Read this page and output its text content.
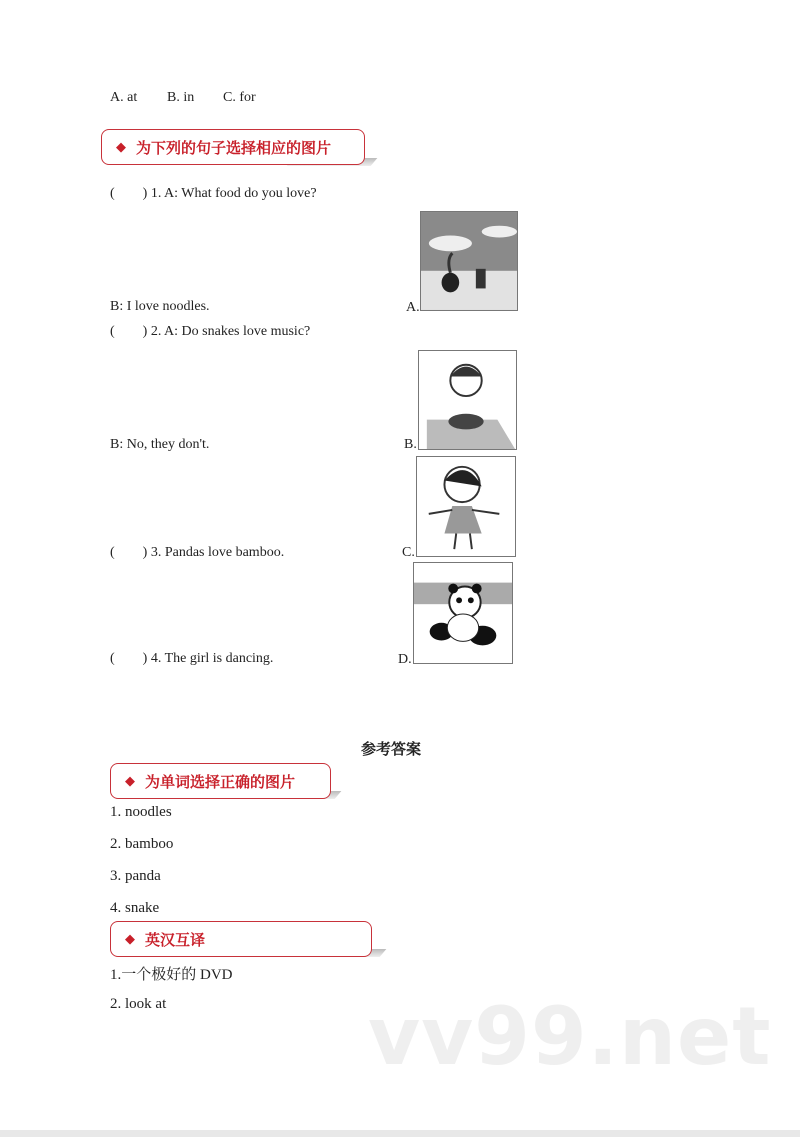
A. at B. in C. for
◆ 为下列的句子选择相应的图片
(        ) 1. A: What food do you love?
B: I love noodles.
(        ) 2. A: Do snakes love music?
B: No, they don't.
(        ) 3. Pandas love bamboo.
(        ) 4. The girl is dancing.
A.
B.
C.
D.
参考答案
◆ 为单词选择正确的图片
1. noodles
2. bamboo
3. panda
4. snake
◆ 英汉互译
1.一个极好的 DVD
2. look at	vv99.net
